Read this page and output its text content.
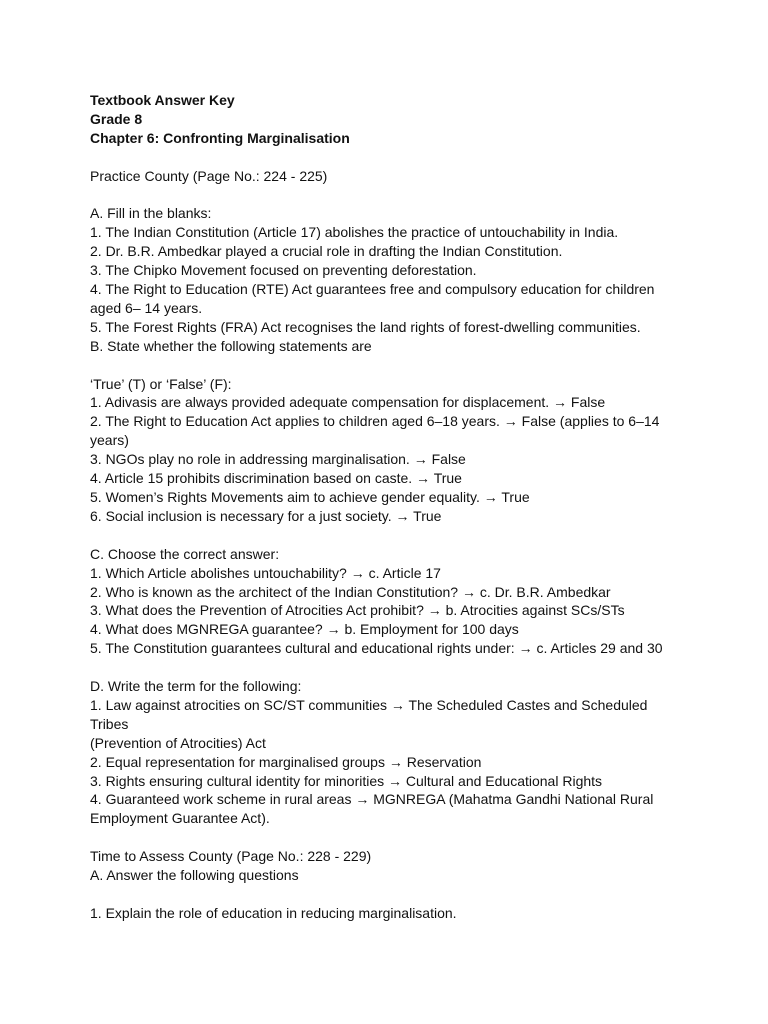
Textbook Answer Key
Grade 8
Chapter 6: Confronting Marginalisation
Practice County (Page No.: 224 - 225)
A. Fill in the blanks:
1. The Indian Constitution (Article 17) abolishes the practice of untouchability in India.
2. Dr. B.R. Ambedkar played a crucial role in drafting the Indian Constitution.
3. The Chipko Movement focused on preventing deforestation.
4. The Right to Education (RTE) Act guarantees free and compulsory education for children
aged 6– 14 years.
5. The Forest Rights (FRA) Act recognises the land rights of forest-dwelling communities.
B. State whether the following statements are
‘True’ (T) or ‘False’ (F):
1. Adivasis are always provided adequate compensation for displacement. → False
2. The Right to Education Act applies to children aged 6–18 years. → False (applies to 6–14
years)
3. NGOs play no role in addressing marginalisation. → False
4. Article 15 prohibits discrimination based on caste. → True
5. Women’s Rights Movements aim to achieve gender equality. → True
6. Social inclusion is necessary for a just society. → True
C. Choose the correct answer:
1. Which Article abolishes untouchability? → c. Article 17
2. Who is known as the architect of the Indian Constitution? → c. Dr. B.R. Ambedkar
3. What does the Prevention of Atrocities Act prohibit? → b. Atrocities against SCs/STs
4. What does MGNREGA guarantee? → b. Employment for 100 days
5. The Constitution guarantees cultural and educational rights under: → c. Articles 29 and 30
D. Write the term for the following:
1. Law against atrocities on SC/ST communities → The Scheduled Castes and Scheduled
Tribes
(Prevention of Atrocities) Act
2. Equal representation for marginalised groups → Reservation
3. Rights ensuring cultural identity for minorities → Cultural and Educational Rights
4. Guaranteed work scheme in rural areas → MGNREGA (Mahatma Gandhi National Rural
Employment Guarantee Act).
Time to Assess County (Page No.: 228 - 229)
A. Answer the following questions
1. Explain the role of education in reducing marginalisation.
